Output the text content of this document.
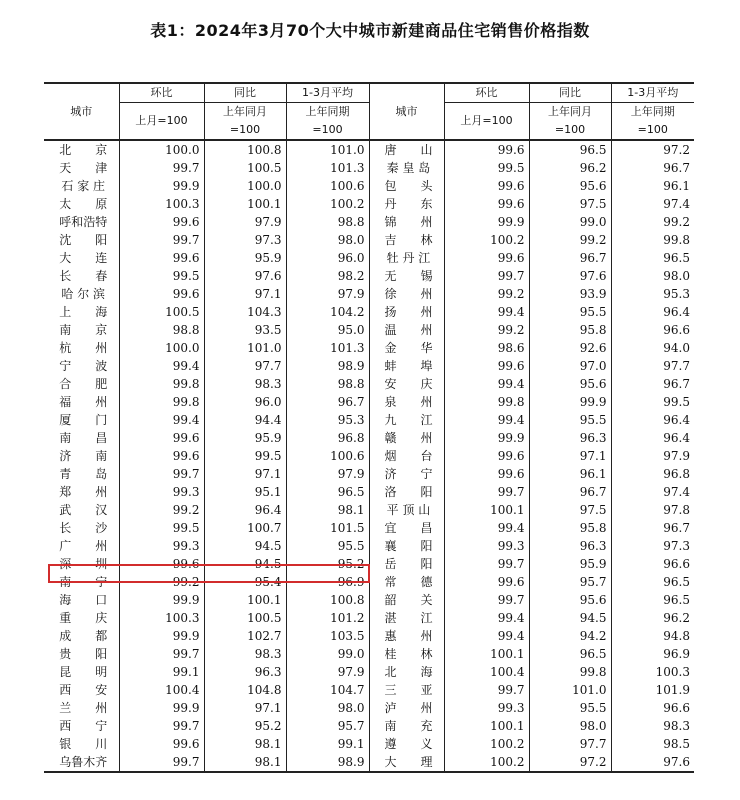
表1：2024年3月70个大中城市新建商品住宅销售价格指数
城市	环比	同比	1-3月平均	城市	环比	同比	1-3月平均
	上月=100	上年同月	上年同期		上月=100	上年同月	上年同期
		=100	=100			=100	=100
北　　京	100.0	100.8	101.0	唐　　山	99.6	96.5	97.2
天　　津	99.7	100.5	101.3	秦 皇 岛	99.5	96.2	96.7
石 家 庄	99.9	100.0	100.6	包　　头	99.6	95.6	96.1
太　　原	100.3	100.1	100.2	丹　　东	99.6	97.5	97.4
呼和浩特	99.6	97.9	98.8	锦　　州	99.9	99.0	99.2
沈　　阳	99.7	97.3	98.0	吉　　林	100.2	99.2	99.8
大　　连	99.6	95.9	96.0	牡 丹 江	99.6	96.7	96.5
长　　春	99.5	97.6	98.2	无　　锡	99.7	97.6	98.0
哈 尔 滨	99.6	97.1	97.9	徐　　州	99.2	93.9	95.3
上　　海	100.5	104.3	104.2	扬　　州	99.4	95.5	96.4
南　　京	98.8	93.5	95.0	温　　州	99.2	95.8	96.6
杭　　州	100.0	101.0	101.3	金　　华	98.6	92.6	94.0
宁　　波	99.4	97.7	98.9	蚌　　埠	99.6	97.0	97.7
合　　肥	99.8	98.3	98.8	安　　庆	99.4	95.6	96.7
福　　州	99.8	96.0	96.7	泉　　州	99.8	99.9	99.5
厦　　门	99.4	94.4	95.3	九　　江	99.4	95.5	96.4
南　　昌	99.6	95.9	96.8	赣　　州	99.9	96.3	96.4
济　　南	99.6	99.5	100.6	烟　　台	99.6	97.1	97.9
青　　岛	99.7	97.1	97.9	济　　宁	99.6	96.1	96.8
郑　　州	99.3	95.1	96.5	洛　　阳	99.7	96.7	97.4
武　　汉	99.2	96.4	98.1	平 顶 山	100.1	97.5	97.8
长　　沙	99.5	100.7	101.5	宜　　昌	99.4	95.8	96.7
广　　州	99.3	94.5	95.5	襄　　阳	99.3	96.3	97.3
深　　圳	99.6	94.5	95.2	岳　　阳	99.7	95.9	96.6
南　　宁	99.2	95.4	96.9	常　　德	99.6	95.7	96.5
海　　口	99.9	100.1	100.8	韶　　关	99.7	95.6	96.5
重　　庆	100.3	100.5	101.2	湛　　江	99.4	94.5	96.2
成　　都	99.9	102.7	103.5	惠　　州	99.4	94.2	94.8
贵　　阳	99.7	98.3	99.0	桂　　林	100.1	96.5	96.9
昆　　明	99.1	96.3	97.9	北　　海	100.4	99.8	100.3
西　　安	100.4	104.8	104.7	三　　亚	99.7	101.0	101.9
兰　　州	99.9	97.1	98.0	泸　　州	99.3	95.5	96.6
西　　宁	99.7	95.2	95.7	南　　充	100.1	98.0	98.3
银　　川	99.6	98.1	99.1	遵　　义	100.2	97.7	98.5
乌鲁木齐	99.7	98.1	98.9	大　　理	100.2	97.2	97.6
